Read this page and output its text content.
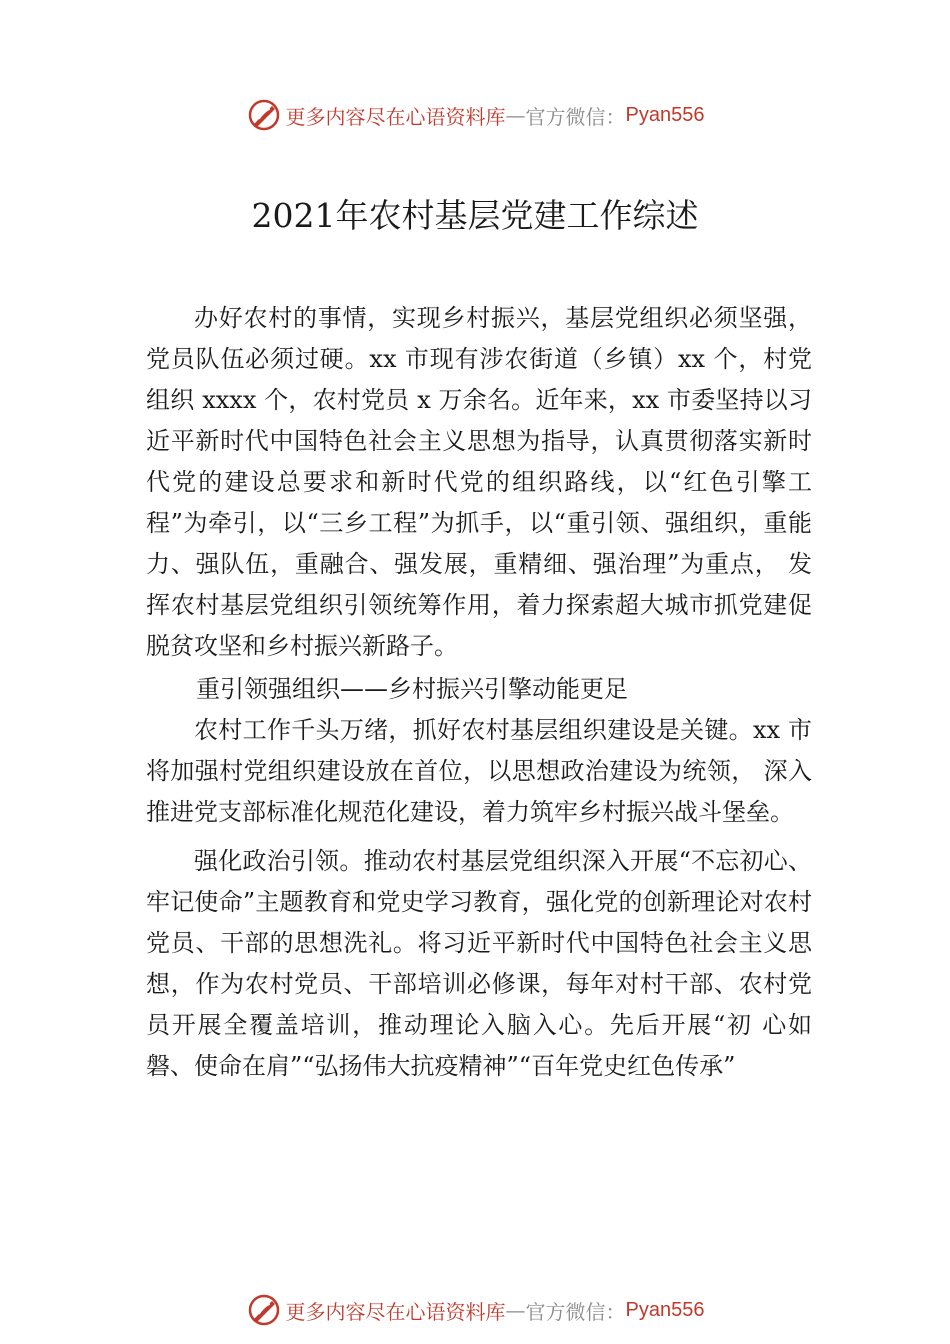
更多内容尽在心语资料库 — 官方微信： Pyan556
2021年农村基层党建工作综述

办好农村的事情，实现乡村振兴，基层党组织必须坚强， 党员队伍必须过硬。xx 市现有涉农街道（乡镇）xx 个，村党组织 xxxx 个，农村党员 x 万余名。近年来，xx 市委坚持以习近平新时代中国特色社会主义思想为指导，认真贯彻落实新时代党的建设总要求和新时代党的组织路线，以“红色引擎工程”为牵引，以“三乡工程”为抓手，以“重引领、强组织，重能力、强队伍，重融合、强发展，重精细、强治理”为重点， 发挥农村基层党组织引领统筹作用，着力探索超大城市抓党建促脱贫攻坚和乡村振兴新路子。

重引领强组织——乡村振兴引擎动能更足

农村工作千头万绪，抓好农村基层组织建设是关键。xx 市将加强村党组织建设放在首位，以思想政治建设为统领， 深入推进党支部标准化规范化建设，着力筑牢乡村振兴战斗堡垒。

强化政治引领。推动农村基层党组织深入开展“不忘初心、牢记使命”主题教育和党史学习教育，强化党的创新理论对农村党员、干部的思想洗礼。将习近平新时代中国特色社会主义思想，作为农村党员、干部培训必修课，每年对村干部、农村党员开展全覆盖培训，推动理论入脑入心。先后开展“初 心如磐、使命在肩”“弘扬伟大抗疫精神”“百年党史红色传承”

更多内容尽在心语资料库 — 官方微信： Pyan556
